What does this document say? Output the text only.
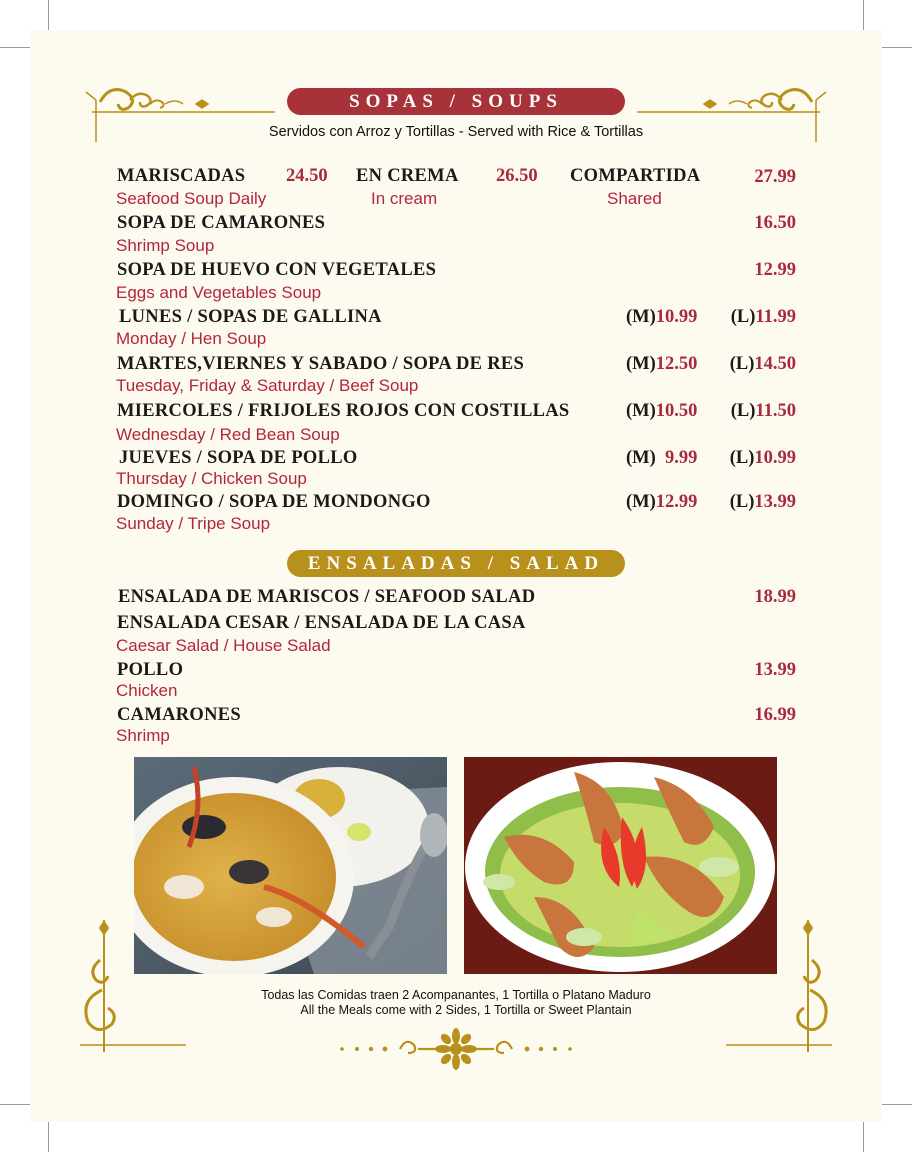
SOPAS / SOUPS
Servidos con Arroz y Tortillas - Served with Rice & Tortillas
MARISCADAS 24.50 EN CREMA 26.50 COMPARTIDA	27.99
Seafood Soup Daily	In cream	Shared
SOPA DE CAMARONES	16.50
Shrimp Soup
SOPA DE HUEVO CON VEGETALES	12.99
Eggs and Vegetables Soup
LUNES / SOPAS DE GALLINA	(M)10.99 (L)11.99
Monday / Hen Soup
MARTES,VIERNES Y SABADO / SOPA DE RES	(M)12.50 (L)14.50
Tuesday, Friday & Saturday / Beef Soup
MIERCOLES / FRIJOLES ROJOS CON COSTILLAS	(M)10.50 (L)11.50
Wednesday / Red Bean Soup
JUEVES / SOPA DE POLLO	(M) 9.99 (L)10.99
Thursday / Chicken Soup
DOMINGO / SOPA DE MONDONGO	(M)12.99 (L)13.99
Sunday / Tripe Soup
ENSALADAS / SALAD
ENSALADA DE MARISCOS / SEAFOOD SALAD	18.99
ENSALADA CESAR / ENSALADA DE LA CASA
Caesar Salad / House Salad
POLLO	13.99
Chicken
CAMARONES	16.99
Shrimp
Todas las Comidas traen 2 Acompanantes, 1 Tortilla o Platano Maduro
All the Meals come with 2 Sides, 1 Tortilla or Sweet Plantain
